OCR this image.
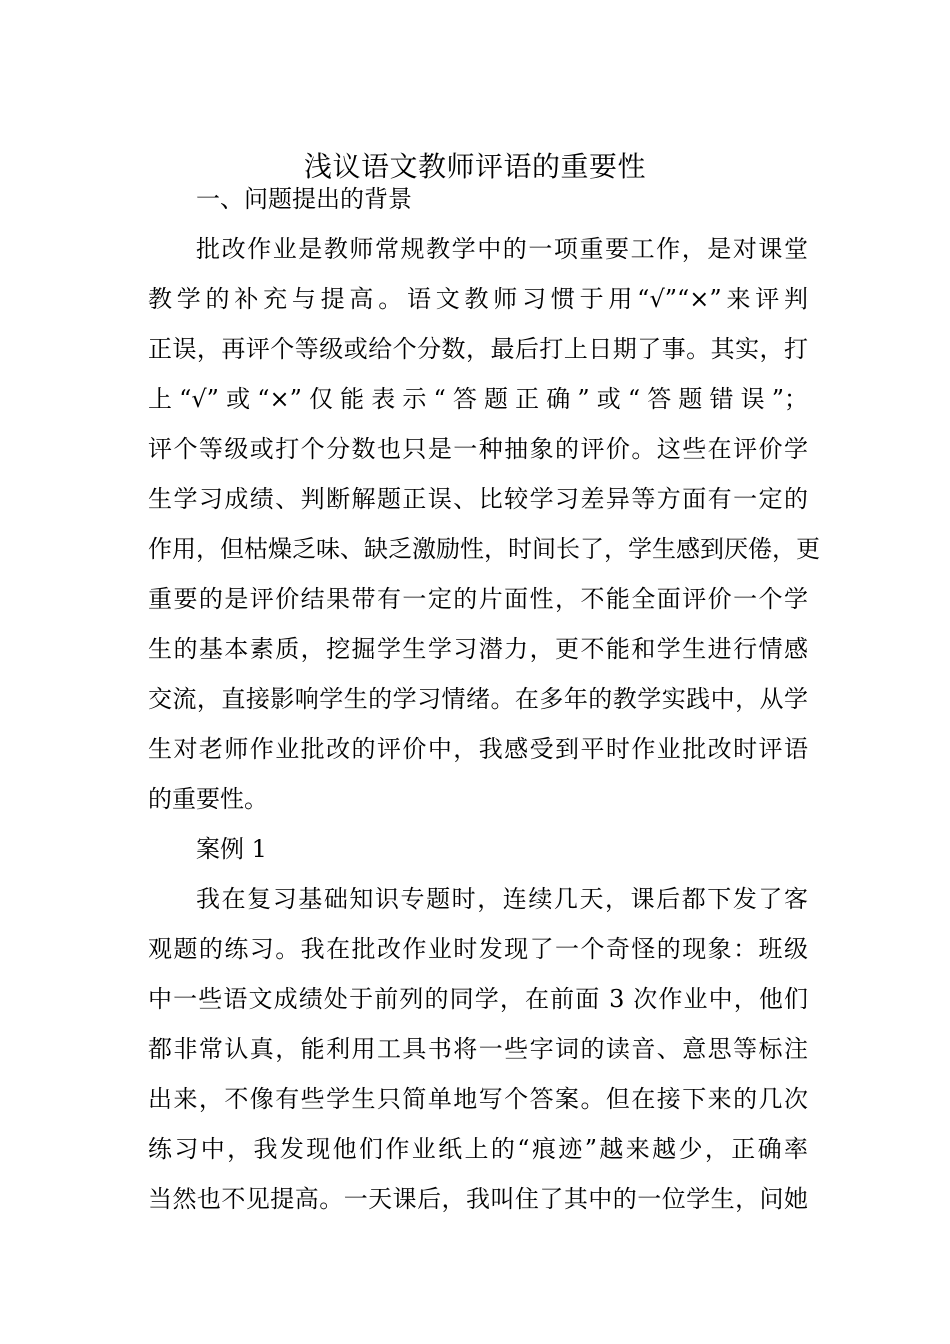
浅议语文教师评语的重要性
一、问题提出的背景
批改作业是教师常规教学中的一项重要工作，是对课堂
教学的补充与提高。语文教师习惯于用“√”“×”来评判
正误，再评个等级或给个分数，最后打上日期了事。其实，打
上“√”或“×”仅能表示“答题正确”或“答题错误”；
评个等级或打个分数也只是一种抽象的评价。这些在评价学
生学习成绩、判断解题正误、比较学习差异等方面有一定的
作用，但枯燥乏味、缺乏激励性，时间长了，学生感到厌倦，更
重要的是评价结果带有一定的片面性，不能全面评价一个学
生的基本素质，挖掘学生学习潜力，更不能和学生进行情感
交流，直接影响学生的学习情绪。在多年的教学实践中，从学
生对老师作业批改的评价中，我感受到平时作业批改时评语
的重要性。
案例 1
我在复习基础知识专题时，连续几天，课后都下发了客
观题的练习。我在批改作业时发现了一个奇怪的现象：班级
中一些语文成绩处于前列的同学，在前面 3 次作业中，他们
都非常认真，能利用工具书将一些字词的读音、意思等标注
出来，不像有些学生只简单地写个答案。但在接下来的几次
练习中，我发现他们作业纸上的“痕迹”越来越少，正确率
当然也不见提高。一天课后，我叫住了其中的一位学生，问她
